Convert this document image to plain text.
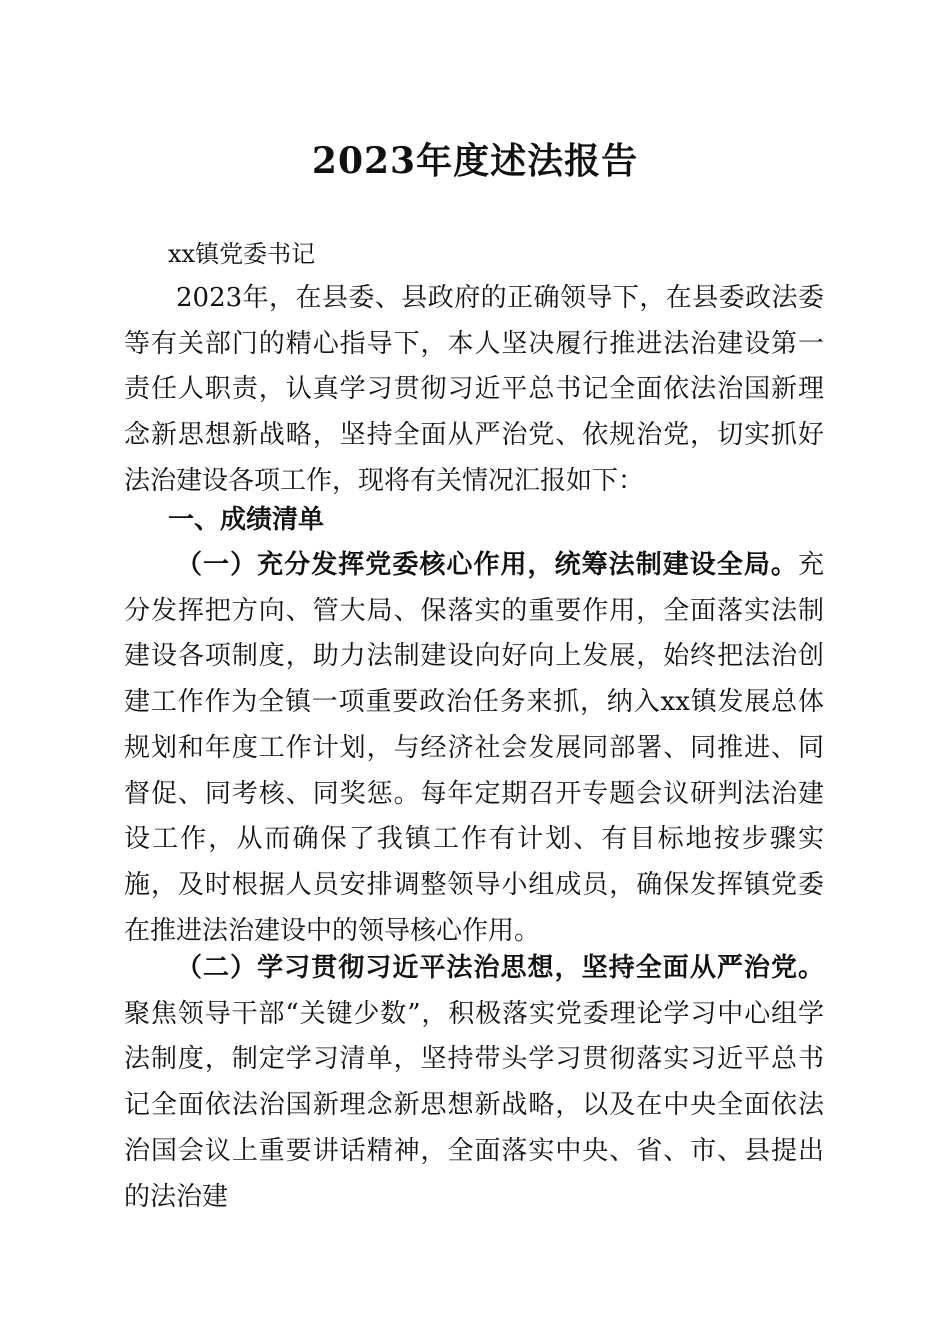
2023年度述法报告
xx镇党委书记

2023年，在县委、县政府的正确领导下，在县委政法委等有关部门的精心指导下，本人坚决履行推进法治建设第一责任人职责，认真学习贯彻习近平总书记全面依法治国新理念新思想新战略，坚持全面从严治党、依规治党，切实抓好法治建设各项工作，现将有关情况汇报如下：

一、成绩清单

（一）充分发挥党委核心作用，统筹法制建设全局。充分发挥把方向、管大局、保落实的重要作用，全面落实法制建设各项制度，助力法制建设向好向上发展，始终把法治创建工作作为全镇一项重要政治任务来抓，纳入xx镇发展总体规划和年度工作计划，与经济社会发展同部署、同推进、同督促、同考核、同奖惩。每年定期召开专题会议研判法治建设工作，从而确保了我镇工作有计划、有目标地按步骤实施，及时根据人员安排调整领导小组成员，确保发挥镇党委在推进法治建设中的领导核心作用。

（二）学习贯彻习近平法治思想，坚持全面从严治党。聚焦领导干部“关键少数”，积极落实党委理论学习中心组学法制度，制定学习清单，坚持带头学习贯彻落实习近平总书记全面依法治国新理念新思想新战略，以及在中央全面依法治国会议上重要讲话精神，全面落实中央、省、市、县提出的法治建
